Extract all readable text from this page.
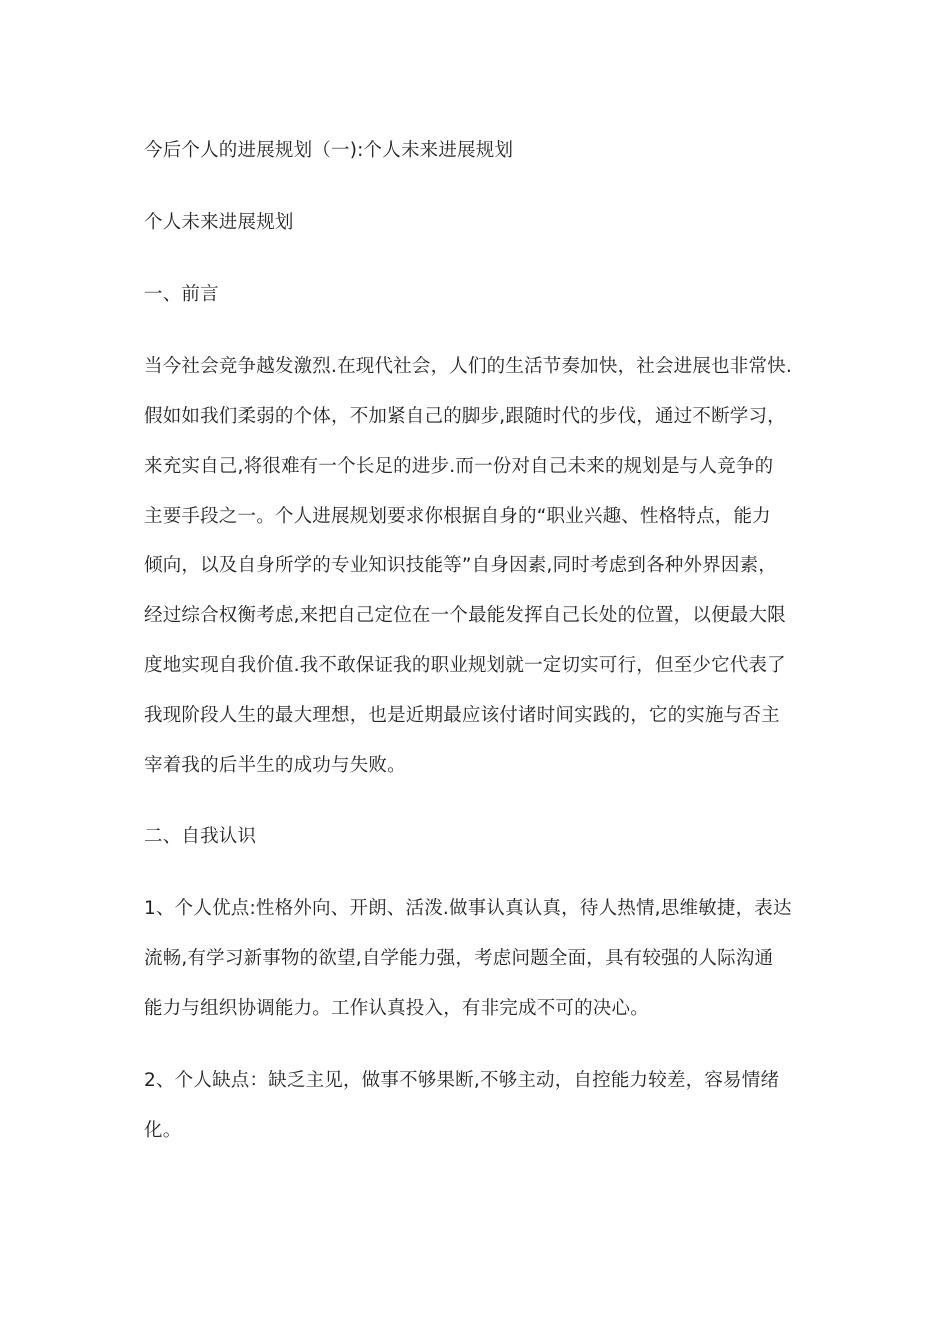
今后个人的进展规划（一):个人未来进展规划
个人未来进展规划
一、前言
当今社会竞争越发激烈.在现代社会，人们的生活节奏加快，社会进展也非常快.
假如如我们柔弱的个体，不加紧自己的脚步,跟随时代的步伐，通过不断学习，
来充实自己,将很难有一个长足的进步.而一份对自己未来的规划是与人竞争的
主要手段之一。个人进展规划要求你根据自身的“职业兴趣、性格特点，能力
倾向，以及自身所学的专业知识技能等”自身因素,同时考虑到各种外界因素，
经过综合权衡考虑,来把自己定位在一个最能发挥自己长处的位置，以便最大限
度地实现自我价值.我不敢保证我的职业规划就一定切实可行，但至少它代表了
我现阶段人生的最大理想，也是近期最应该付诸时间实践的，它的实施与否主
宰着我的后半生的成功与失败。
二、自我认识
1、个人优点:性格外向、开朗、活泼.做事认真认真，待人热情,思维敏捷，表达
流畅,有学习新事物的欲望,自学能力强，考虑问题全面，具有较强的人际沟通
能力与组织协调能力。工作认真投入，有非完成不可的决心。
2、个人缺点：缺乏主见，做事不够果断,不够主动，自控能力较差，容易情绪
化。
